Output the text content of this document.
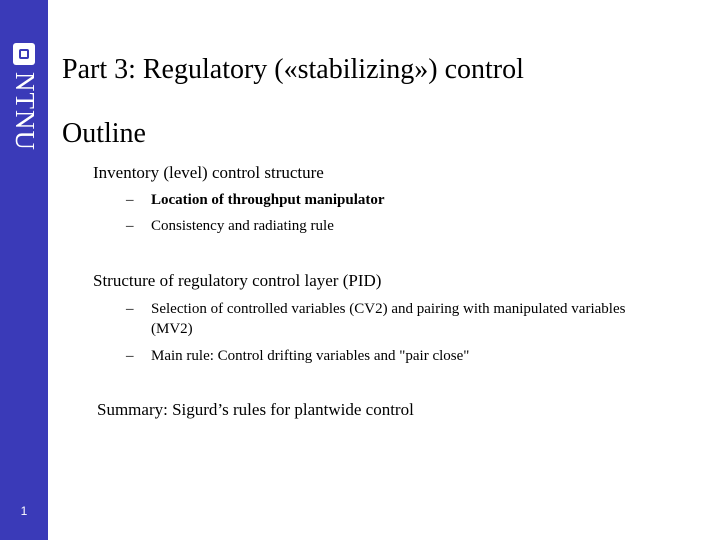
NTNU
1
Part 3: Regulatory («stabilizing») control
Outline
Inventory (level) control structure
– Location of throughput manipulator
– Consistency and radiating rule
Structure of regulatory control layer (PID)
– Selection of controlled variables (CV2) and pairing with manipulated variables (MV2)
– Main rule: Control drifting variables and "pair close"
Summary: Sigurd’s rules for plantwide control
